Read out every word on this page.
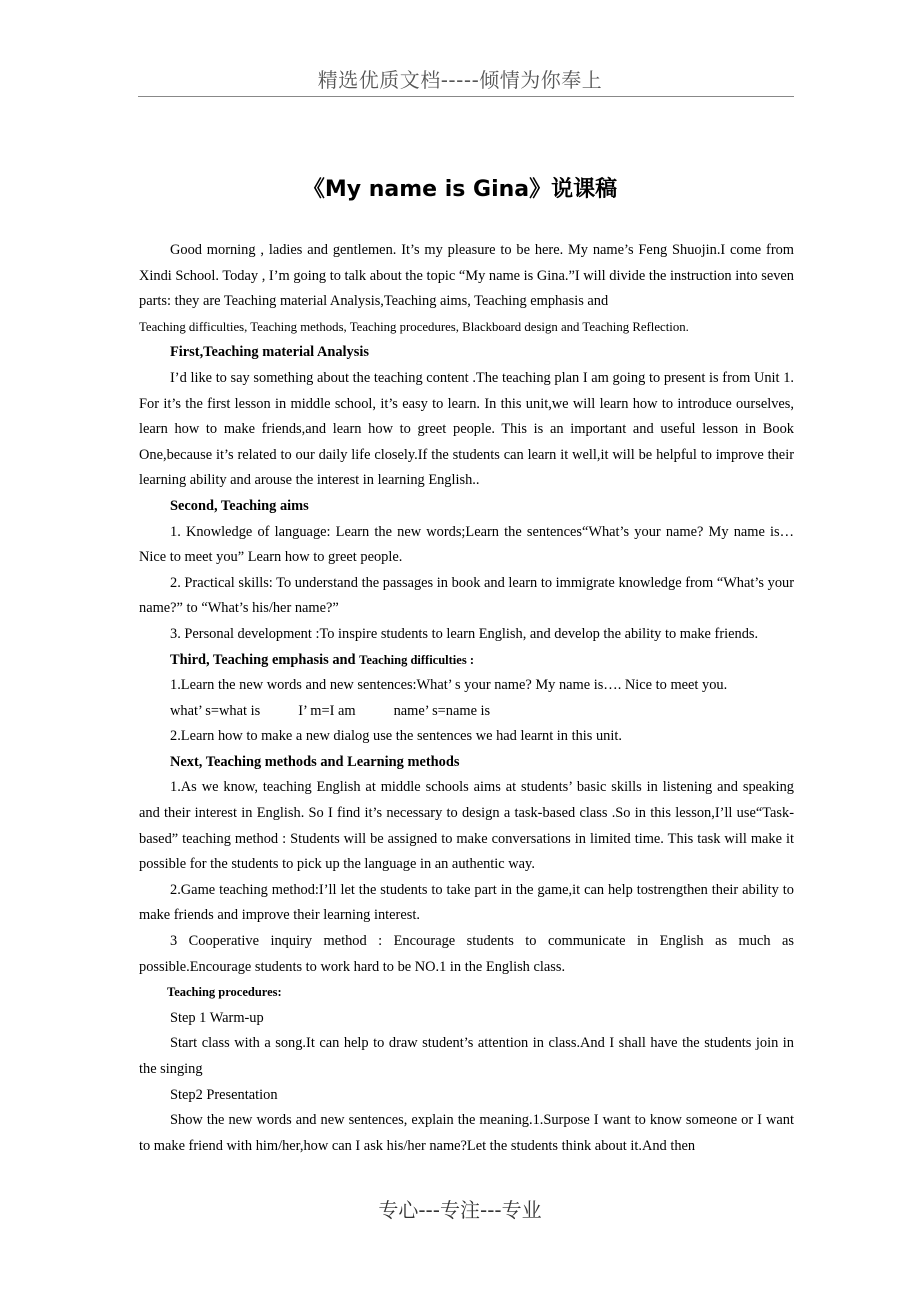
精选优质文档-----倾情为你奉上
《My name is Gina》说课稿

Good morning , ladies and gentlemen. It’s my pleasure to be here. My name’s Feng Shuojin.I come from Xindi School. Today , I’m going to talk about the topic “My name is Gina.”I will divide the instruction into seven parts: they are Teaching material Analysis,Teaching aims, Teaching emphasis and

Teaching difficulties, Teaching methods, Teaching procedures, Blackboard design and Teaching Reflection.

First,Teaching material Analysis

I’d like to say something about the teaching content .The teaching plan I am going to present is from Unit 1. For it’s the first lesson in middle school, it’s easy to learn. In this unit,we will learn how to introduce ourselves, learn how to make friends,and learn how to greet people. This is an important and useful lesson in Book One,because it’s related to our daily life closely.If the students can learn it well,it will be helpful to improve their learning ability and arouse the interest in learning English..

Second, Teaching aims

1. Knowledge of language: Learn the new words;Learn the sentences“What’s your name? My name is…Nice to meet you” Learn how to greet people.

2. Practical skills: To understand the passages in book and learn to immigrate knowledge from “What’s your name?” to “What’s his/her name?”

3. Personal development :To inspire students to learn English, and develop the ability to make friends.

Third, Teaching emphasis and Teaching difficulties :

1.Learn the new words and new sentences:What’ s your name? My name is…. Nice to meet you.

what’ s=what is	I’ m=I am	name’ s=name is

2.Learn how to make a new dialog use the sentences we had learnt in this unit.

Next, Teaching methods and Learning methods

1.As we know, teaching English at middle schools aims at students’ basic skills in listening and speaking and their interest in English. So I find it’s necessary to design a task-based class .So in this lesson,I’ll use“Task-based” teaching method : Students will be assigned to make conversations in limited time. This task will make it possible for the students to pick up the language in an authentic way.

2.Game teaching method:I’ll let the students to take part in the game,it can help tostrengthen their ability to make friends and improve their learning interest.

3 Cooperative inquiry method : Encourage students to communicate in English as much as possible.Encourage students to work hard to be NO.1 in the English class.

Teaching procedures:

Step 1 Warm-up

Start class with a song.It can help to draw student’s attention in class.And I shall have the students join in the singing

Step2 Presentation

Show the new words and new sentences, explain the meaning.1.Surpose I want to know someone or I want to make friend with him/her,how can I ask his/her name?Let the students think about it.And then

专心---专注---专业
